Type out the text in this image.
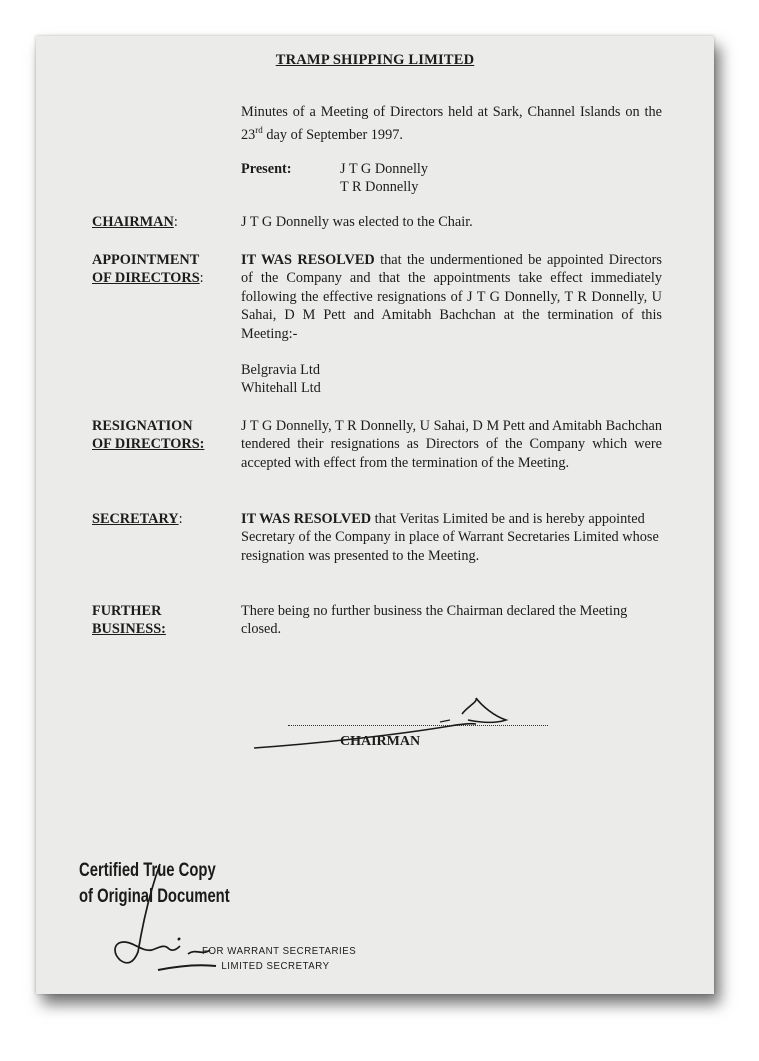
TRAMP SHIPPING LIMITED
Minutes of a Meeting of Directors held at Sark, Channel Islands on the 23rd day of September 1997.
Present:	J T G Donnelly
T R Donnelly
CHAIRMAN:	J T G Donnelly was elected to the Chair.
APPOINTMENT
OF DIRECTORS:
IT WAS RESOLVED that the undermentioned be appointed Directors of the Company and that the appointments take effect immediately following the effective resignations of J T G Donnelly, T R Donnelly, U Sahai, D M Pett and Amitabh Bachchan at the termination of this Meeting:-
Belgravia Ltd
Whitehall Ltd
RESIGNATION
OF DIRECTORS:
J T G Donnelly, T R Donnelly, U Sahai, D M Pett and Amitabh Bachchan tendered their resignations as Directors of the Company which were accepted with effect from the termination of the Meeting.
SECRETARY:	IT WAS RESOLVED that Veritas Limited be and is hereby appointed Secretary of the Company in place of Warrant Secretaries Limited whose resignation was presented to the Meeting.
FURTHER
BUSINESS:
There being no further business the Chairman declared the Meeting closed.
CHAIRMAN
Certified True Copy
of Original Document
FOR WARRANT SECRETARIES
LIMITED SECRETARY
